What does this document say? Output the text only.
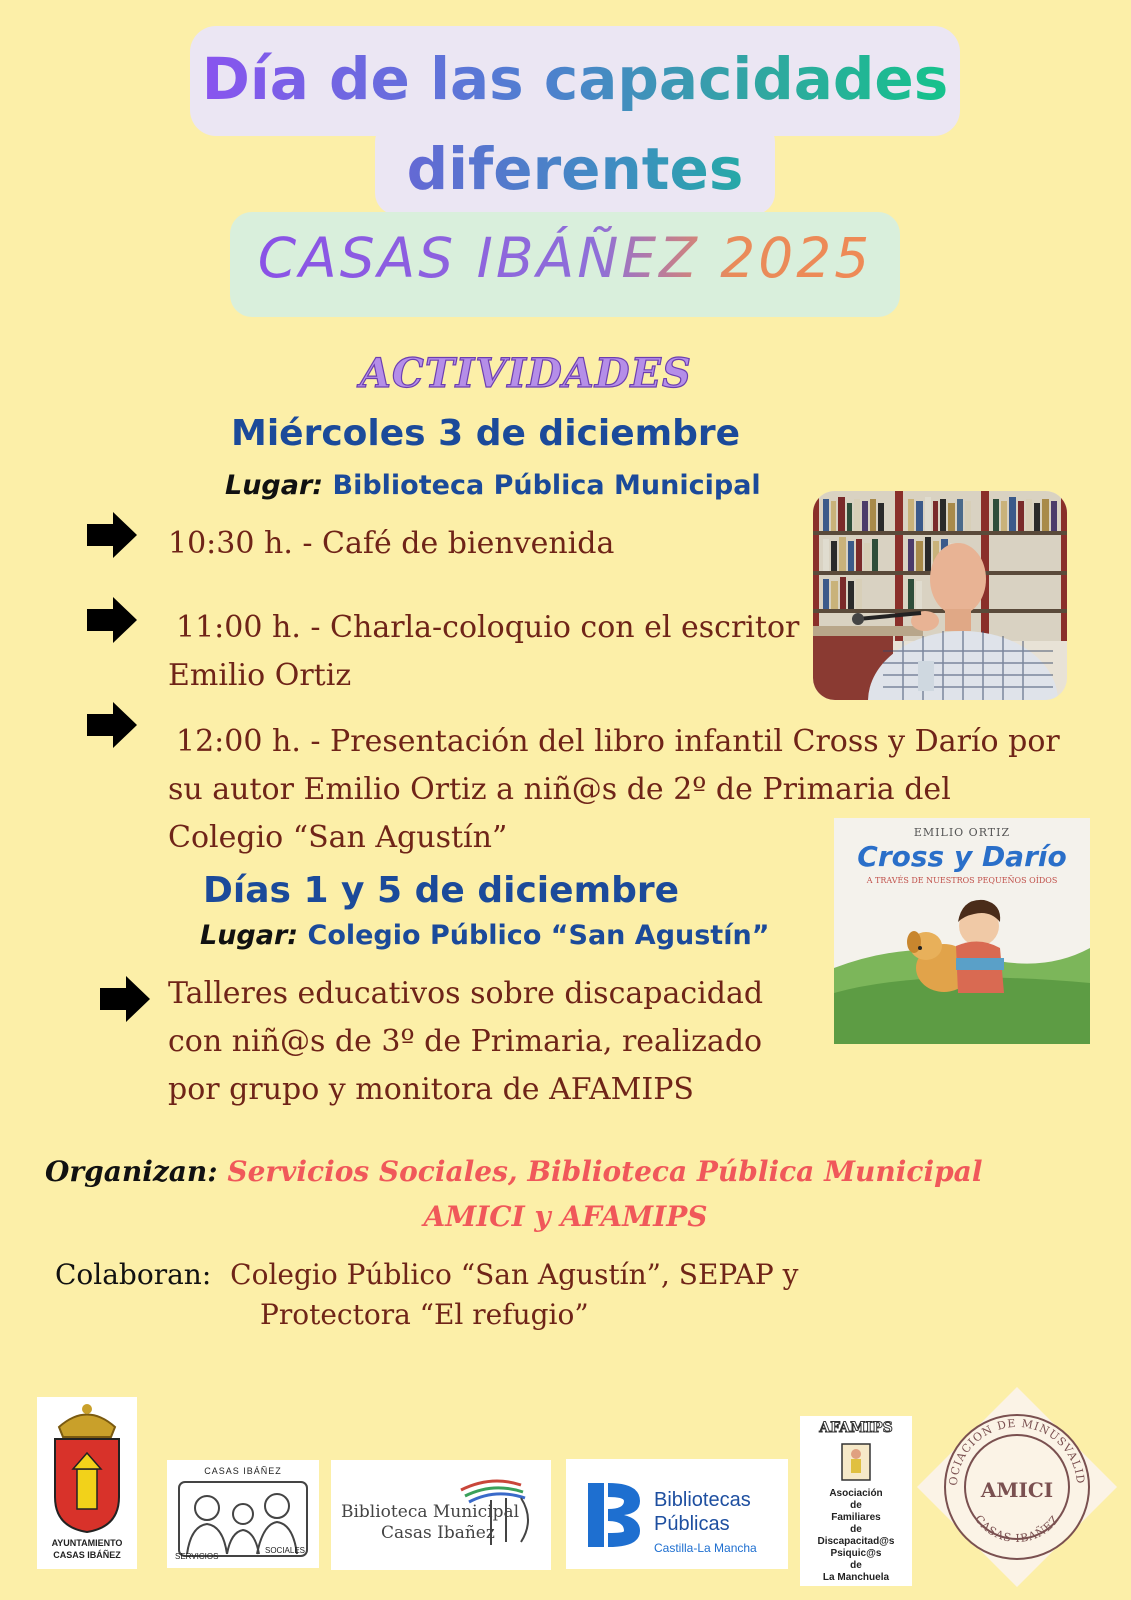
Día de las capacidades
diferentes
CASAS IBÁÑEZ 2025
ACTIVIDADES
Miércoles 3 de diciembre
Lugar: Biblioteca Pública Municipal
10:30 h. - Café de bienvenida
11:00 h. - Charla-coloquio con el escritor
Emilio Ortiz
12:00 h. - Presentación del libro infantil Cross y Darío por
su autor Emilio Ortiz a niñ@s de 2º de Primaria del
Colegio “San Agustín”
Días 1 y 5 de diciembre
Lugar: Colegio Público “San Agustín”
Talleres educativos sobre discapacidad
con niñ@s de 3º de Primaria, realizado
por grupo y monitora de AFAMIPS
EMILIO ORTIZ
Cross y Darío
A TRAVÉS DE NUESTROS PEQUEÑOS OÍDOS
Organizan: Servicios Sociales, Biblioteca Pública Municipal
AMICI y AFAMIPS
Colaboran: Colegio Público “San Agustín”, SEPAP y
Protectora “El refugio”
AYUNTAMIENTO
CASAS IBÁÑEZ
CASAS IBÁÑEZ
SERVICIOS
SOCIALES
Biblioteca Municipal
Casas Ibañez
Bibliotecas
Públicas
Castilla-La Mancha
AFAMIPS
Asociación
de
Familiares
de
Discapacitad@s
Psiquic@s
de
La Manchuela
OCIACION DE MINUSVALID
CASAS IBAÑEZ
AMICI
